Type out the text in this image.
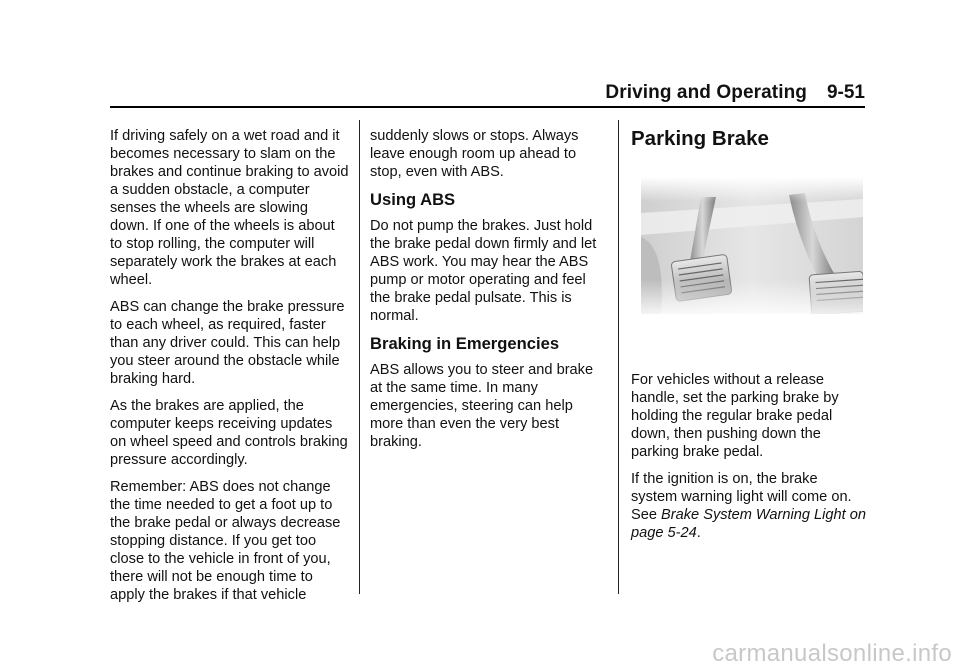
Driving and Operating 9-51

If driving safely on a wet road and it becomes necessary to slam on the brakes and continue braking to avoid a sudden obstacle, a computer senses the wheels are slowing down. If one of the wheels is about to stop rolling, the computer will separately work the brakes at each wheel.

ABS can change the brake pressure to each wheel, as required, faster than any driver could. This can help you steer around the obstacle while braking hard.

As the brakes are applied, the computer keeps receiving updates on wheel speed and controls braking pressure accordingly.

Remember: ABS does not change the time needed to get a foot up to the brake pedal or always decrease stopping distance. If you get too close to the vehicle in front of you, there will not be enough time to apply the brakes if that vehicle

suddenly slows or stops. Always leave enough room up ahead to stop, even with ABS.

Using ABS

Do not pump the brakes. Just hold the brake pedal down firmly and let ABS work. You may hear the ABS pump or motor operating and feel the brake pedal pulsate. This is normal.

Braking in Emergencies

ABS allows you to steer and brake at the same time. In many emergencies, steering can help more than even the very best braking.

Parking Brake

For vehicles without a release handle, set the parking brake by holding the regular brake pedal down, then pushing down the parking brake pedal.

If the ignition is on, the brake system warning light will come on. See Brake System Warning Light on page 5-24.

carmanualsonline.info
